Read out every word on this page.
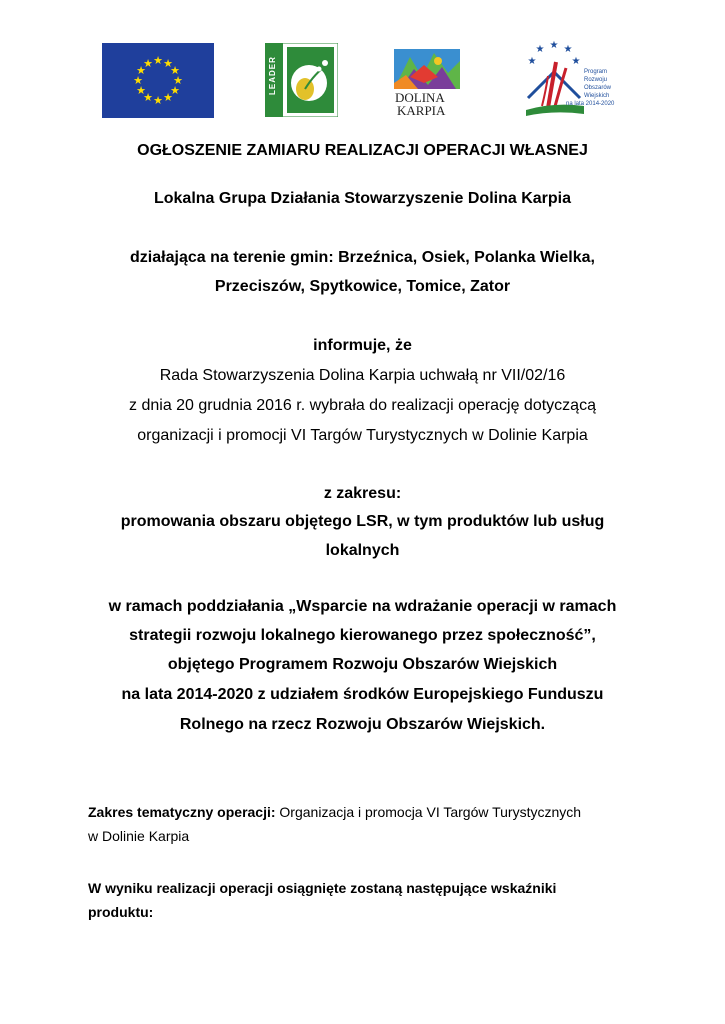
★ ★
★
★
★
★
★
★
★
★
★
★	LEADER
DOLINA
KARPIA
★
★ ★ ★
★
Program
Rozwoju
Obszarów
Wiejskich
na lata 2014-2020
OGŁOSZENIE ZAMIARU REALIZACJI OPERACJI WŁASNEJ
Lokalna Grupa Działania Stowarzyszenie Dolina Karpia
działająca na terenie gmin: Brzeźnica, Osiek, Polanka Wielka,
Przeciszów, Spytkowice, Tomice, Zator
informuje, że
Rada Stowarzyszenia Dolina Karpia uchwałą nr VII/02/16
z dnia 20 grudnia 2016 r. wybrała do realizacji operację dotyczącą
organizacji i promocji VI Targów Turystycznych w Dolinie Karpia
z zakresu:
promowania obszaru objętego LSR, w tym produktów lub usług
lokalnych
w ramach poddziałania „Wsparcie na wdrażanie operacji w ramach
strategii rozwoju lokalnego kierowanego przez społeczność”,
objętego Programem Rozwoju Obszarów Wiejskich
na lata 2014-2020 z udziałem środków Europejskiego Funduszu
Rolnego na rzecz Rozwoju Obszarów Wiejskich.
Zakres tematyczny operacji: Organizacja i promocja VI Targów Turystycznych
w Dolinie Karpia
W wyniku realizacji operacji osiągnięte zostaną następujące wskaźniki
produktu:
